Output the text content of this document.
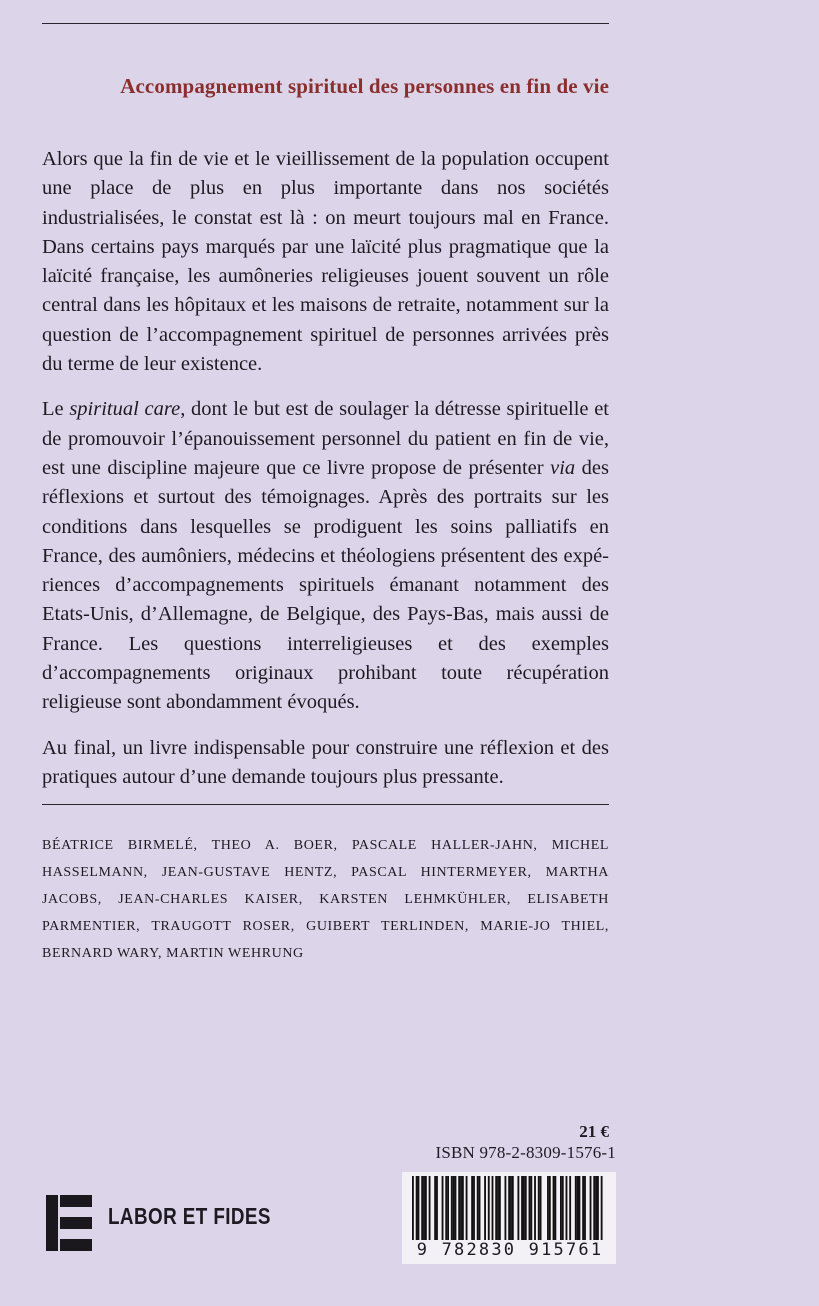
Accompagnement spirituel des personnes en fin de vie

Alors que la fin de vie et le vieillissement de la population occupent une place de plus en plus importante dans nos sociétés industrialisées, le constat est là : on meurt toujours mal en France. Dans certains pays marqués par une laïcité plus pragmatique que la laïcité française, les aumôneries religieuses jouent souvent un rôle central dans les hôpitaux et les maisons de retraite, notamment sur la question de l’accompagnement spirituel de personnes arrivées près du terme de leur existence.

Le spiritual care, dont le but est de soulager la détresse spirituelle et de promouvoir l’épanouissement personnel du patient en fin de vie, est une discipline majeure que ce livre propose de présenter via des réflexions et surtout des témoignages. Après des portraits sur les conditions dans lesquelles se prodiguent les soins palliatifs en France, des aumôniers, médecins et théologiens présentent des expériences d’accompagnements spirituels émanant notamment des Etats-Unis, d’Allemagne, de Belgique, des Pays-Bas, mais aussi de France. Les questions interreligieuses et des exemples d’accompagnements originaux prohibant toute récupération religieuse sont abondamment évoqués.

Au final, un livre indispensable pour construire une réflexion et des pratiques autour d’une demande toujours plus pressante.

BÉATRICE BIRMELÉ, THEO A. BOER, PASCALE HALLER-JAHN, MICHEL HASSELMANN, JEAN-GUSTAVE HENTZ, PASCAL HINTERMEYER, MARTHA JACOBS, JEAN-CHARLES KAISER, KARSTEN LEHMKÜHLER, ELISABETH PARMENTIER, TRAUGOTT ROSER, GUIBERT TERLINDEN, MARIE-JO THIEL, BERNARD WARY, MARTIN WEHRUNG

21 €
ISBN 978-2-8309-1576-1
9 782830 915761
LABOR ET FIDES
